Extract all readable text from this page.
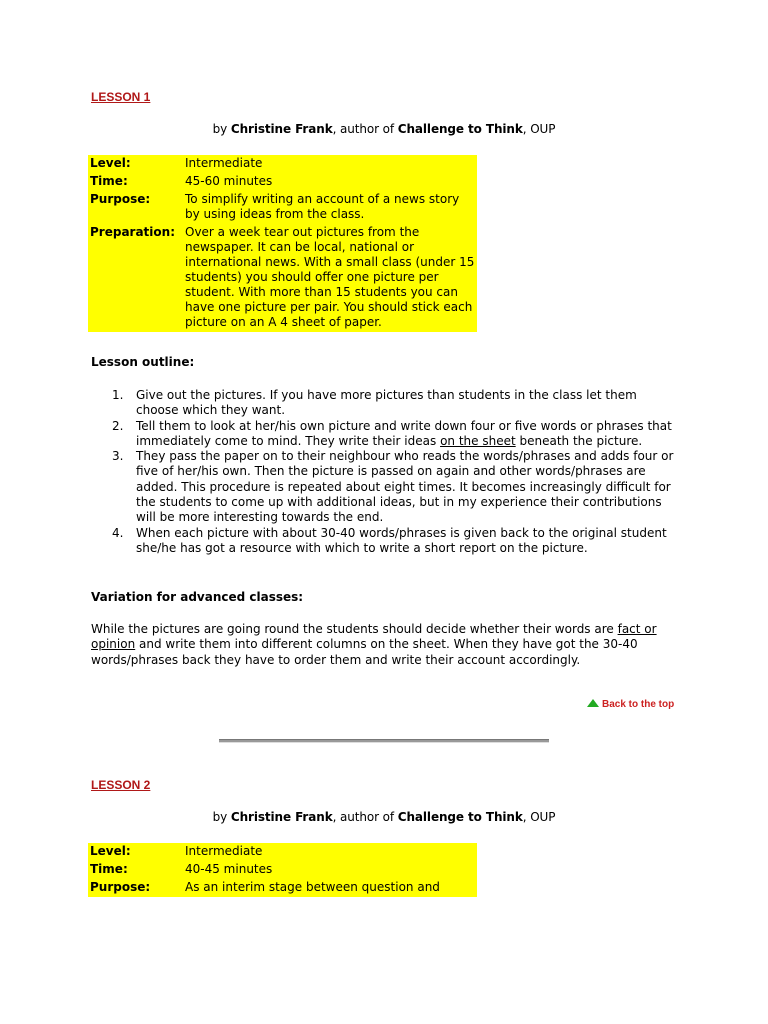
LESSON 1
by Christine Frank, author of Challenge to Think, OUP
Level:	Intermediate
Time:	45-60 minutes
Purpose:	To simplify writing an account of a news story by using ideas from the class.
Preparation:	Over a week tear out pictures from the newspaper. It can be local, national or international news. With a small class (under 15 students) you should offer one picture per student. With more than 15 students you can have one picture per pair. You should stick each picture on an A 4 sheet of paper.
Lesson outline:
1. Give out the pictures. If you have more pictures than students in the class let them choose which they want.
2. Tell them to look at her/his own picture and write down four or five words or phrases that immediately come to mind. They write their ideas on the sheet beneath the picture.
3. They pass the paper on to their neighbour who reads the words/phrases and adds four or five of her/his own. Then the picture is passed on again and other words/phrases are added. This procedure is repeated about eight times. It becomes increasingly difficult for the students to come up with additional ideas, but in my experience their contributions will be more interesting towards the end.
4. When each picture with about 30-40 words/phrases is given back to the original student she/he has got a resource with which to write a short report on the picture.
Variation for advanced classes:

While the pictures are going round the students should decide whether their words are fact or opinion and write them into different columns on the sheet. When they have got the 30-40 words/phrases back they have to order them and write their account accordingly.

Back to the top
LESSON 2
by Christine Frank, author of Challenge to Think, OUP
Level:	Intermediate
Time:	40-45 minutes
Purpose:	As an interim stage between question and
